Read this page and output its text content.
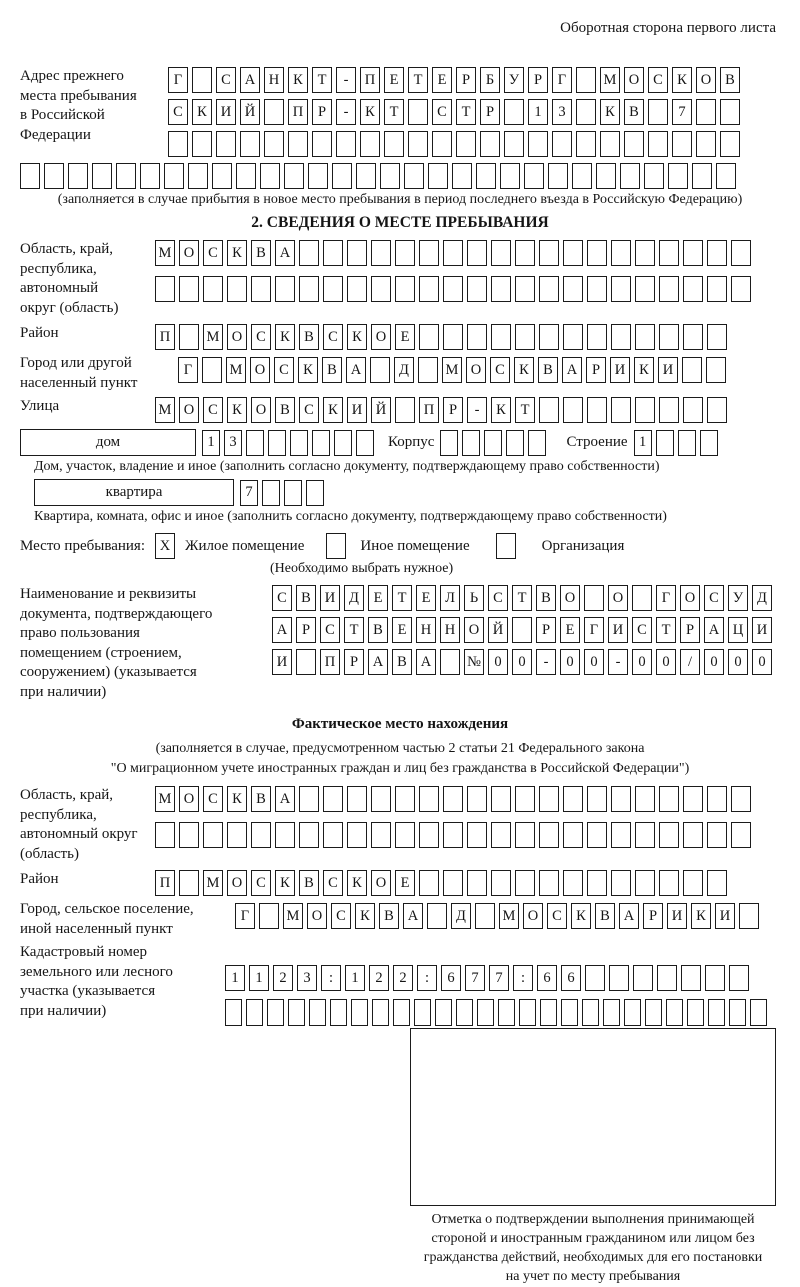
Оборотная сторона первого листа
Адрес прежнего
места пребывания
в Российской
Федерации
Г	С А Н К	Т	-	П Е	Т	Е	Р	Б	У	Р	Г	М О С К О В
С К И Й	П	Р	-	К	Т	С	Т	Р	1	3	К В	7
(заполняется в случае прибытия в новое место пребывания в период последнего въезда в Российскую Федерацию)
2. СВЕДЕНИЯ О МЕСТЕ ПРЕБЫВАНИЯ
Область, край,
республика,
автономный
округ (область)
М О С К В А
Район	П	М О С К В С К О Е
Город или другой
населенный пункт
Г	М О С К В А	Д	М О С К В А	Р	И К И
Улица	М О С К О В С К И Й	П	Р	-	К	Т
дом	1	3	Корпус	Строение 1
Дом, участок, владение и иное (заполнить согласно документу, подтверждающему право собственности)
квартира	7
Квартира, комната, офис и иное (заполнить согласно документу, подтверждающему право собственности)
Место пребывания:	X Жилое помещение	Иное помещение	Организация
(Необходимо выбрать нужное)
Наименование и реквизиты
документа, подтверждающего
право пользования
помещением (строением,
сооружением) (указывается
при наличии)
С В И Д	Е	Т	Е	Л	Ь	С	Т	В О	О	Г	О С У Д
А	Р	С	Т	В	Е Н Н О Й	Р	Е	Г	И С	Т	Р	А Ц И
И	П	Р	А В А	№ 0	0	-	0	0	-	0	0	/	0	0	0
Фактическое место нахождения
(заполняется в случае, предусмотренном частью 2 статьи 21 Федерального закона
"О миграционном учете иностранных граждан и лиц без гражданства в Российской Федерации")
Область, край,
республика,
автономный округ
(область)
М О С К В А
Район	П	М О С К В С К О Е
Город, сельское поселение,
иной населенный пункт
Г	М О С К В А	Д	М О С К В А	Р	И К И
Кадастровый номер
земельного или лесного
участка (указывается
при наличии)
1	1	2	3	:	1	2	2	:	6	7	7	:	6	6
Отметка о подтверждении выполнения принимающей
стороной и иностранным гражданином или лицом без
гражданства действий, необходимых для его постановки
на учет по месту пребывания
